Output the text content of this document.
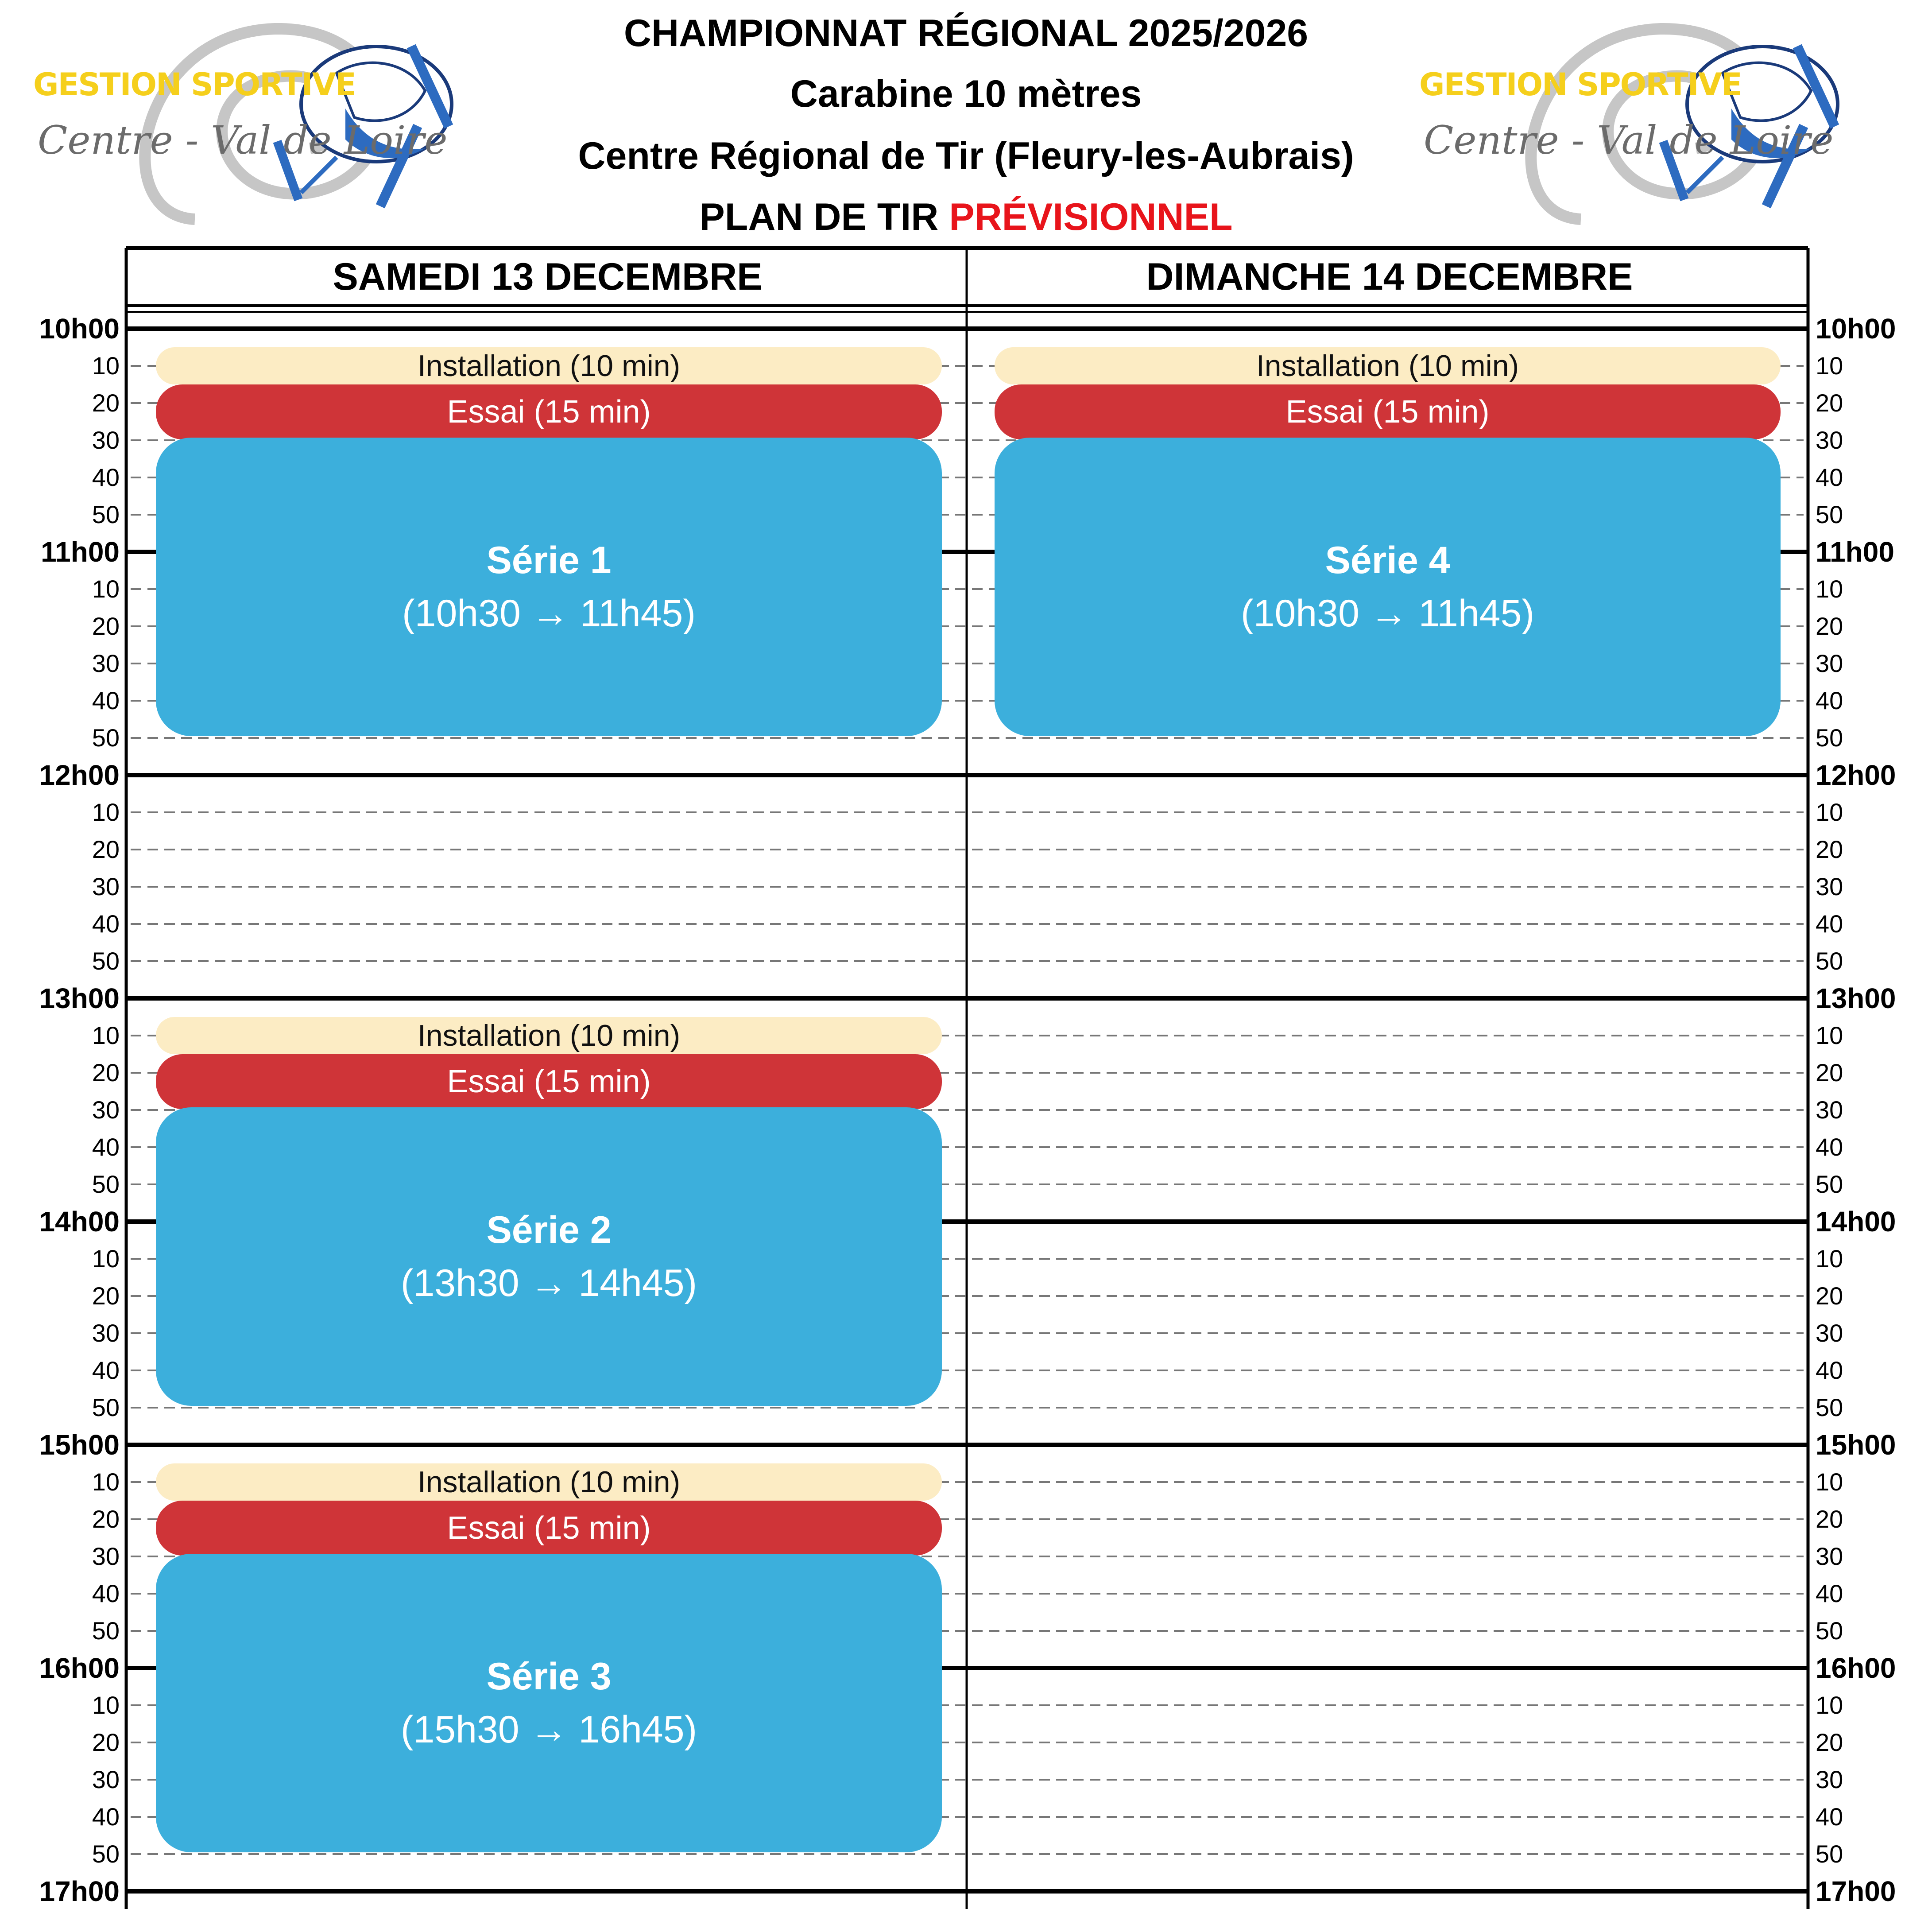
CHAMPIONNAT RÉGIONAL 2025/2026
Carabine 10 mètres
Centre Régional de Tir (Fleury-les-Aubrais)
PLAN DE TIR PRÉVISIONNEL
GESTION SPORTIVE
Centre - Val de Loire
GESTION SPORTIVE
Centre - Val de Loire
SAMEDI 13 DECEMBRE	DIMANCHE 14 DECEMBRE
10h00	10h00
10	10
20	20
30	30
40	40
50	50
11h00	11h00
10	10
20	20
30	30
40	40
50	50
12h00	12h00
10	10
20	20
30	30
40	40
50	50
13h00	13h00
10	10
20	20
30	30
40	40
50	50
14h00	14h00
10	10
20	20
30	30
40	40
50	50
15h00	15h00
10	10
20	20
30	30
40	40
50	50
16h00	16h00
10	10
20	20
30	30
40	40
50	50
17h00	17h00
Installation (10 min)
Essai (15 min)
Série 1
(10h30 → 11h45)
Installation (10 min)
Essai (15 min)
Série 2
(13h30 → 14h45)
Installation (10 min)
Essai (15 min)
Série 3
(15h30 → 16h45)
Installation (10 min)
Essai (15 min)
Série 4
(10h30 → 11h45)
